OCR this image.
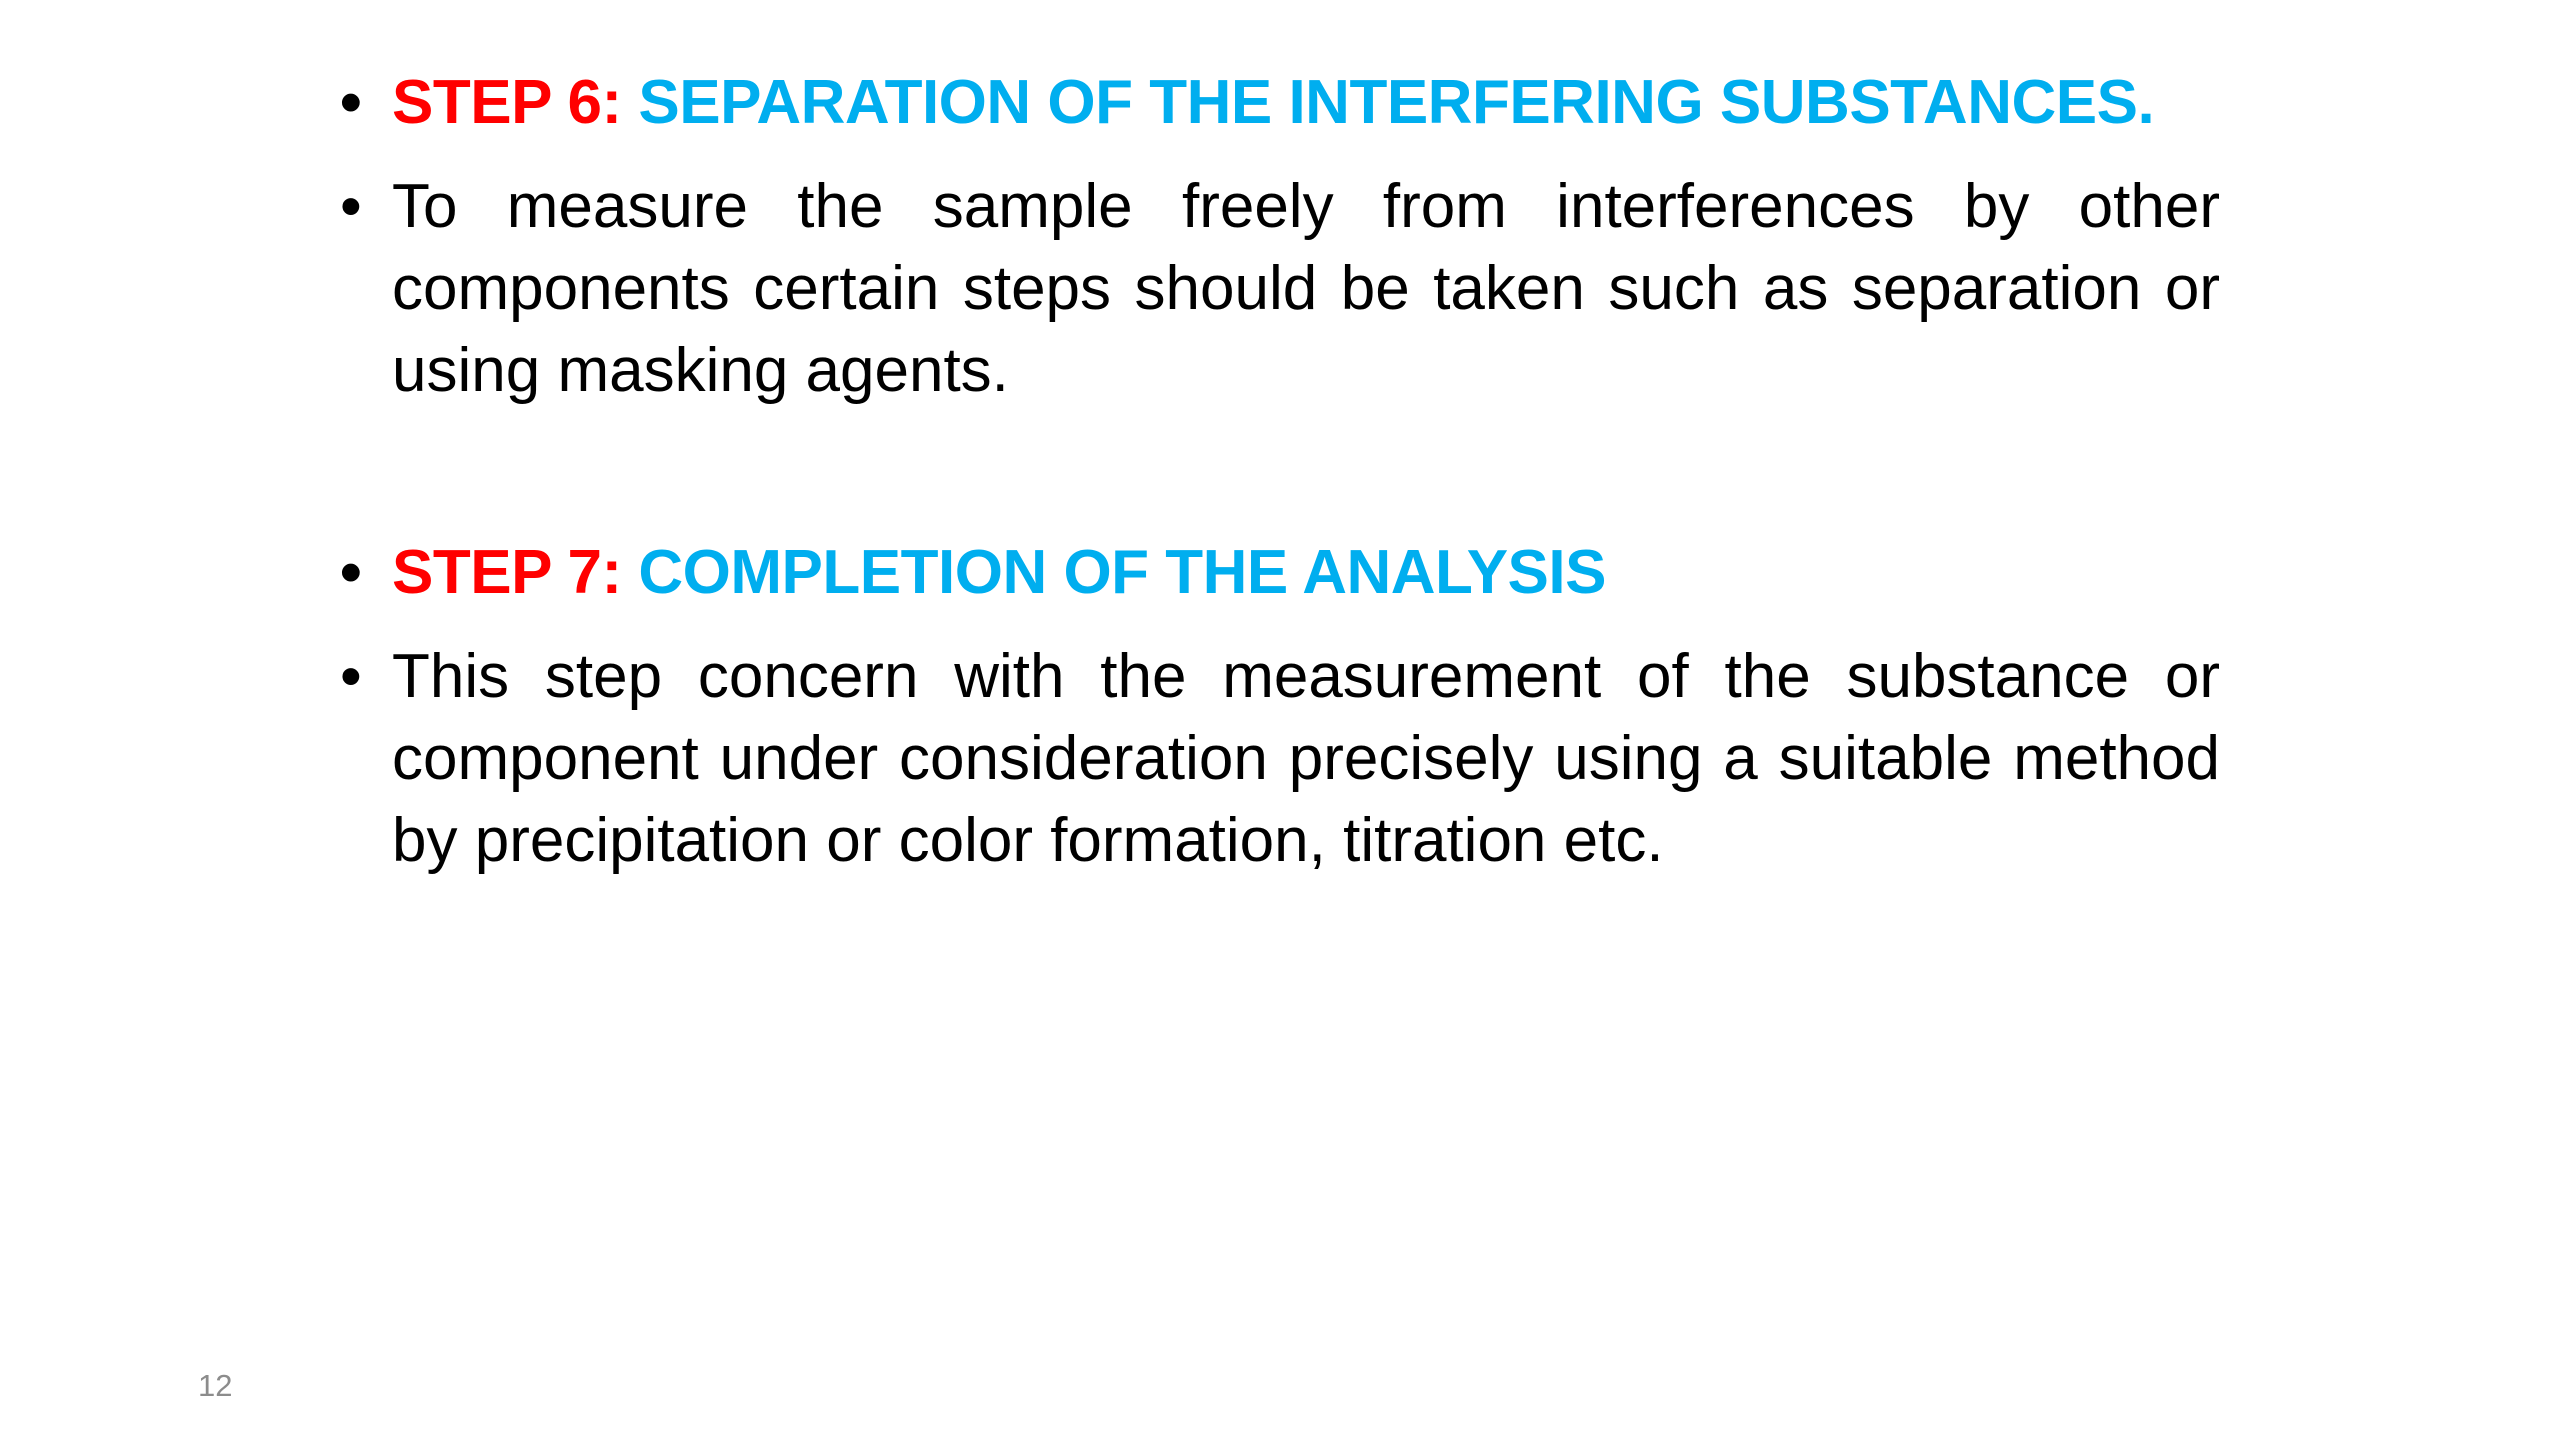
• STEP 6: SEPARATION OF THE INTERFERING SUBSTANCES.
• To measure the sample freely from interferences by other components certain steps should be taken such as separation or using masking agents.
• STEP 7: COMPLETION OF THE ANALYSIS
• This step concern with the measurement of the substance or component under consideration precisely using a suitable method by precipitation or color formation, titration etc.
12
